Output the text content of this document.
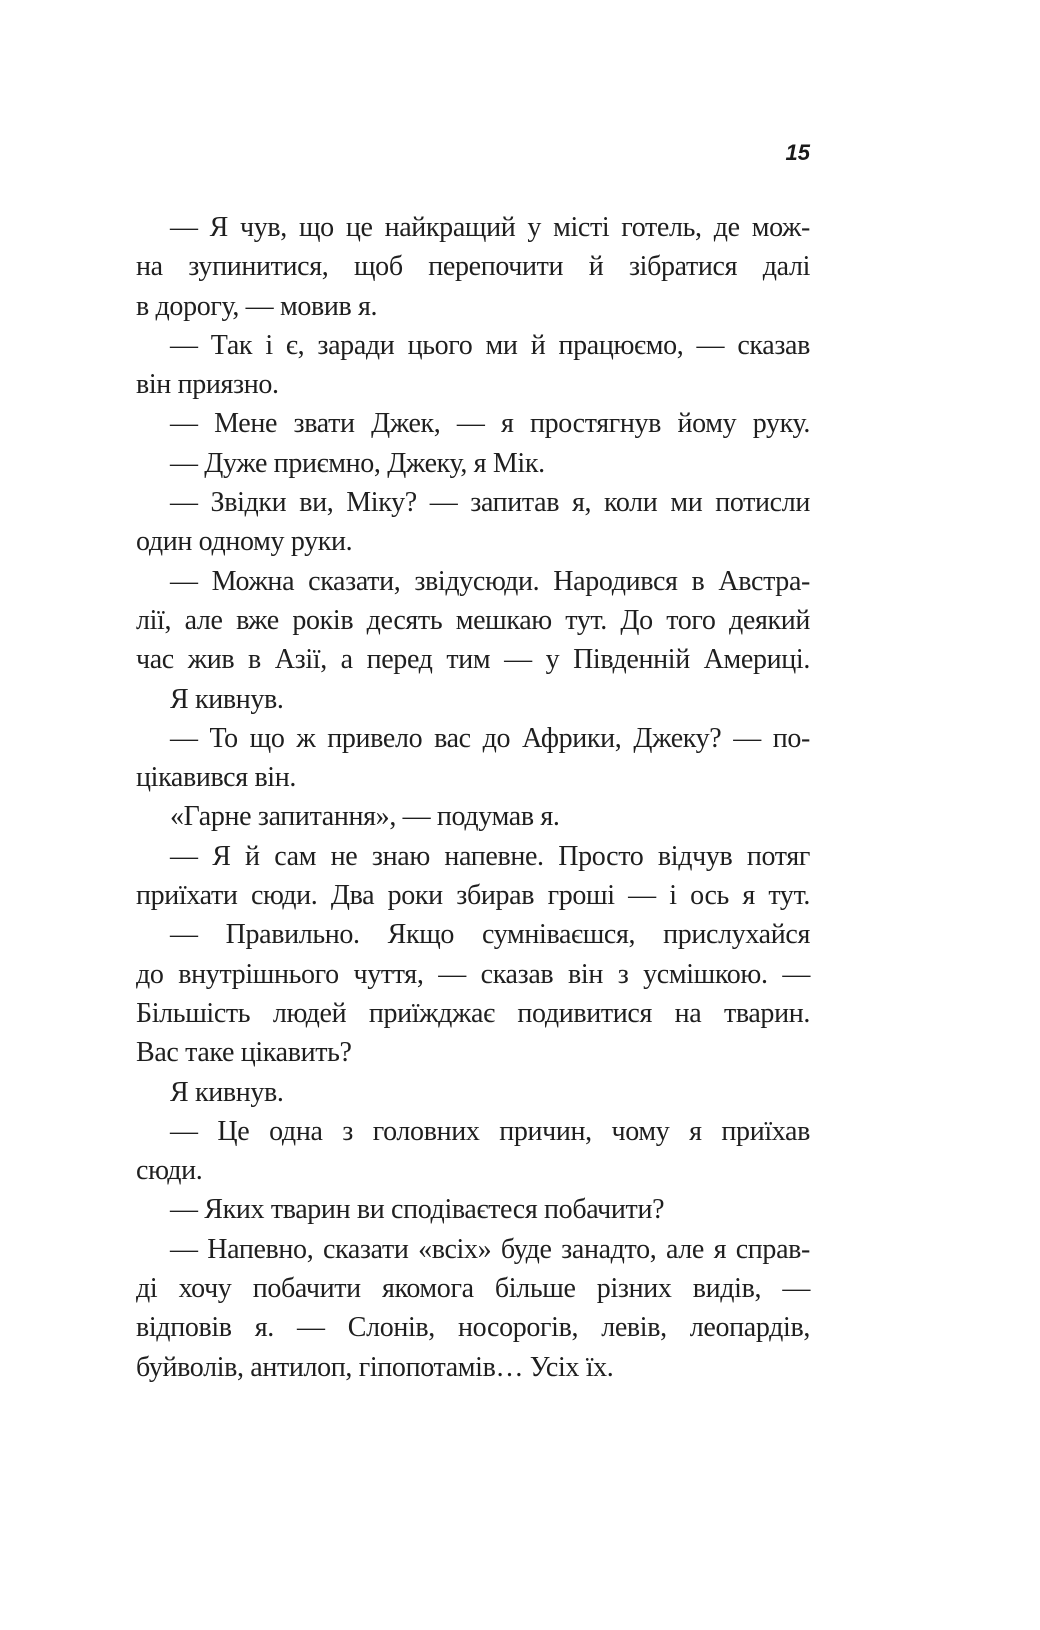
15
— Я чув, що це найкращий у місті готель, де мож-
на зупинитися, щоб перепочити й зібратися далі
в дорогу, — мовив я.
— Так і є, заради цього ми й працюємо, — сказав
він приязно.
— Мене звати Джек, — я простягнув йому руку.
— Дуже приємно, Джеку, я Мік.
— Звідки ви, Міку? — запитав я, коли ми потисли
один одному руки.
— Можна сказати, звідусюди. Народився в Австра-
лії, але вже років десять мешкаю тут. До того деякий
час жив в Азії, а перед тим — у Південній Америці.
Я кивнув.
— То що ж привело вас до Африки, Джеку? — по-
цікавився він.
«Гарне запитання», — подумав я.
— Я й сам не знаю напевне. Просто відчув потяг
приїхати сюди. Два роки збирав гроші — і ось я тут.
— Правильно. Якщо сумніваєшся, прислухайся
до внутрішнього чуття, — сказав він з усмішкою. —
Більшість людей приїжджає подивитися на тварин.
Вас таке цікавить?
Я кивнув.
— Це одна з головних причин, чому я приїхав
сюди.
— Яких тварин ви сподіваєтеся побачити?
— Напевно, сказати «всіх» буде занадто, але я справ-
ді хочу побачити якомога більше різних видів, —
відповів я. — Слонів, носорогів, левів, леопардів,
буйволів, антилоп, гіпопотамів… Усіх їх.
